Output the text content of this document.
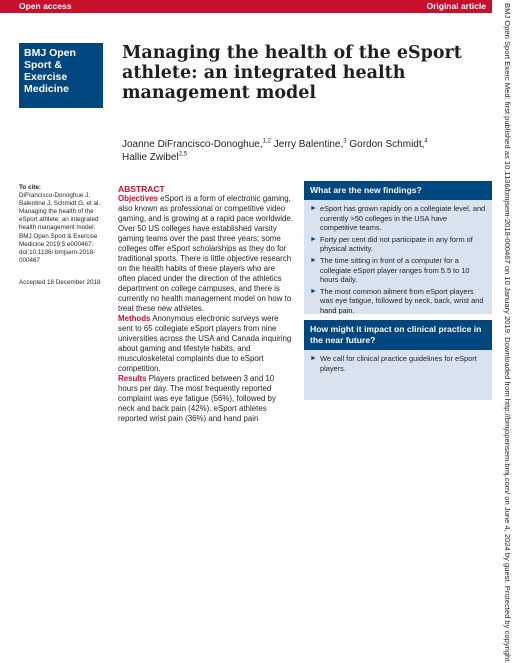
Open access	Original article
BMJ Open
Sport &
Exercise
Medicine
Managing the health of the eSport athlete: an integrated health management model
Joanne DiFrancisco-Donoghue,$^{1,2}$ Jerry Balentine,$^3$ Gordon Schmidt,$^4$
Hallie Zwibel$^{2,5}$
To cite:
DiFrancisco-Donoghue J, Balentine J, Schmidt G, et al. Managing the health of the eSport athlete: an integrated health management model. BMJ Open Sport & Exercise Medicine 2019;5:e000467. doi:10.1136/ bmjsem-2018-000467
Accepted 18 December 2018
ABSTRACT
Objectives eSport is a form of electronic gaming, also known as professional or competitive video gaming, and is growing at a rapid pace worldwide. Over 50 US colleges have established varsity gaming teams over the past three years; some colleges offer eSport scholarships as they do for traditional sports. There is little objective research on the health habits of these players who are often placed under the direction of the athletics department on college campuses, and there is currently no health management model on how to treat these new athletes.
Methods Anonymous electronic surveys were sent to 65 collegiate eSport players from nine universities across the USA and Canada inquiring about gaming and lifestyle habits, and musculoskeletal complaints due to eSport competition.
Results Players practiced between 3 and 10 hours per day. The most frequently reported complaint was eye fatigue (56%), followed by neck and back pain (42%). eSport athletes reported wrist pain (36%) and hand pain
What are the new findings?
► eSport has grown rapidly on a collegiate level, and currently >50 colleges in the USA have competitive teams.
► Forty per cent did not participate in any form of physical activity.
► The time sitting in front of a computer for a collegiate eSport player ranges from 5.5 to 10 hours daily.
► The most common ailment from eSport players was eye fatigue, followed by neck, back, wrist and hand pain.
How might it impact on clinical practice in the near future?
► We call for clinical practice guidelines for eSport players.	BMJ Open Sport Exerc Med: first published as 10.1136/bmjsem-2018-000467 on 10 January 2019. Downloaded from http://bmjopensem.bmj.com/ on June 4, 2024 by guest. Protected by copyright.
